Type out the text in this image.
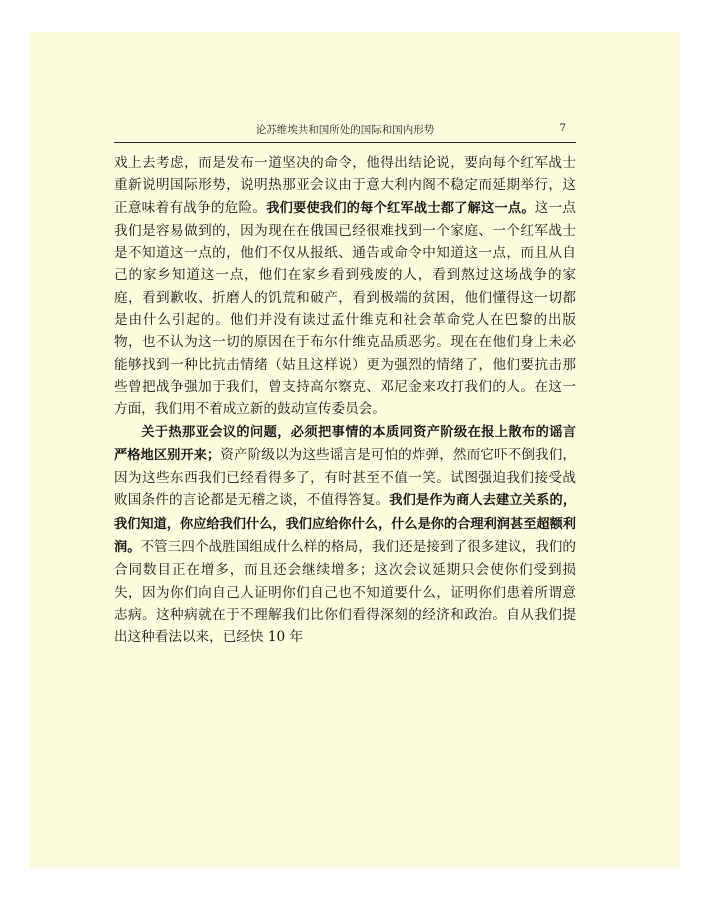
论苏维埃共和国所处的国际和国内形势	7

戏上去考虑，而是发布一道坚决的命令，他得出结论说，要向每个红军战士重新说明国际形势，说明热那亚会议由于意大利内阁不稳定而延期举行，这正意味着有战争的危险。我们要使我们的每个红军战士都了解这一点。这一点我们是容易做到的，因为现在在俄国已经很难找到一个家庭、一个红军战士是不知道这一点的，他们不仅从报纸、通告或命令中知道这一点，而且从自己的家乡知道这一点，他们在家乡看到残废的人，看到熬过这场战争的家庭，看到歉收、折磨人的饥荒和破产，看到极端的贫困，他们懂得这一切都是由什么引起的。他们并没有读过孟什维克和社会革命党人在巴黎的出版物，也不认为这一切的原因在于布尔什维克品质恶劣。现在在他们身上未必能够找到一种比抗击情绪（姑且这样说）更为强烈的情绪了，他们要抗击那些曾把战争强加于我们，曾支持高尔察克、邓尼金来攻打我们的人。在这一方面，我们用不着成立新的鼓动宣传委员会。

关于热那亚会议的问题，必须把事情的本质同资产阶级在报上散布的谣言严格地区别开来；资产阶级以为这些谣言是可怕的炸弹，然而它吓不倒我们，因为这些东西我们已经看得多了，有时甚至不值一笑。试图强迫我们接受战败国条件的言论都是无稽之谈，不值得答复。我们是作为商人去建立关系的，我们知道，你应给我们什么，我们应给你什么，什么是你的合理利润甚至超额利润。不管三四个战胜国组成什么样的格局，我们还是接到了很多建议，我们的合同数目正在增多，而且还会继续增多；这次会议延期只会使你们受到损失，因为你们向自己人证明你们自己也不知道要什么，证明你们患着所谓意志病。这种病就在于不理解我们比你们看得深刻的经济和政治。自从我们提出这种看法以来，已经快 10 年
